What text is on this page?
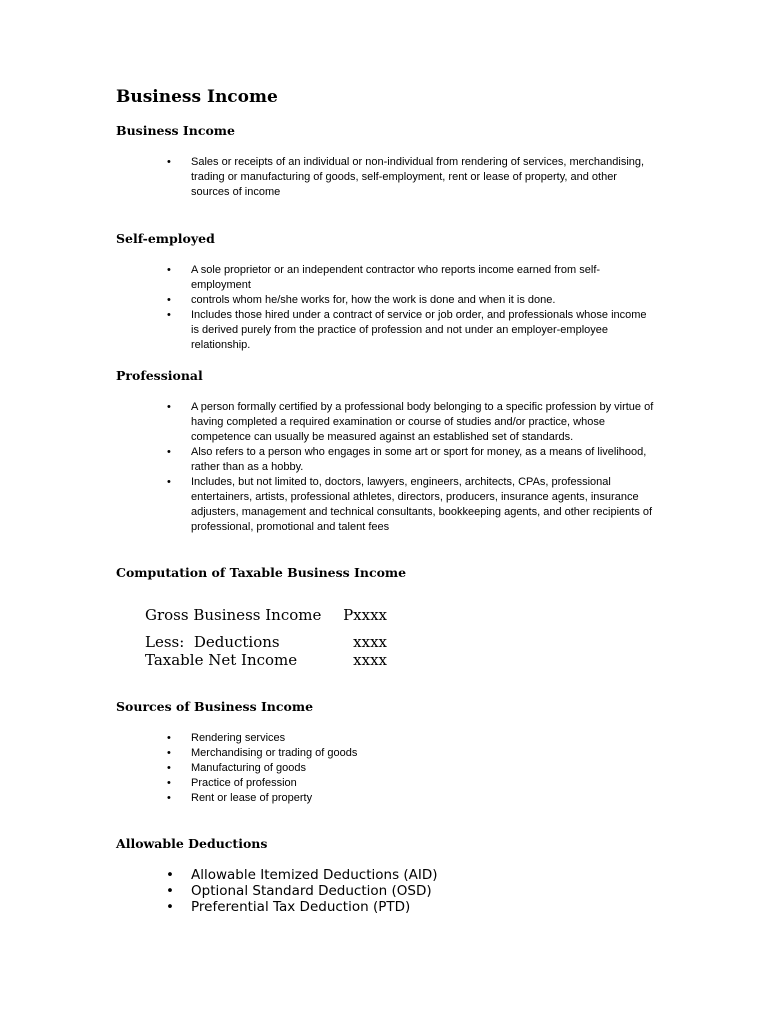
Business Income
Business Income
• Sales or receipts of an individual or non-individual from rendering of services, merchandising, trading or manufacturing of goods, self-employment, rent or lease of property, and other sources of income
Self-employed
• A sole proprietor or an independent contractor who reports income earned from self-employment
• controls whom he/she works for, how the work is done and when it is done.
• Includes those hired under a contract of service or job order, and professionals whose income is derived purely from the practice of profession and not under an employer-employee relationship.
Professional
• A person formally certified by a professional body belonging to a specific profession by virtue of having completed a required examination or course of studies and/or practice, whose competence can usually be measured against an established set of standards.
• Also refers to a person who engages in some art or sport for money, as a means of livelihood, rather than as a hobby.
• Includes, but not limited to, doctors, lawyers, engineers, architects, CPAs, professional entertainers, artists, professional athletes, directors, producers, insurance agents, insurance adjusters, management and technical consultants, bookkeeping agents, and other recipients of professional, promotional and talent fees
Computation of Taxable Business Income
Gross Business Income	Pxxxx
Less:  Deductions	xxxx
Taxable Net Income	xxxx
Sources of Business Income
• Rendering services
• Merchandising or trading of goods
• Manufacturing of goods
• Practice of profession
• Rent or lease of property
Allowable Deductions
• Allowable Itemized Deductions (AID)
• Optional Standard Deduction (OSD)
• Preferential Tax Deduction (PTD)
